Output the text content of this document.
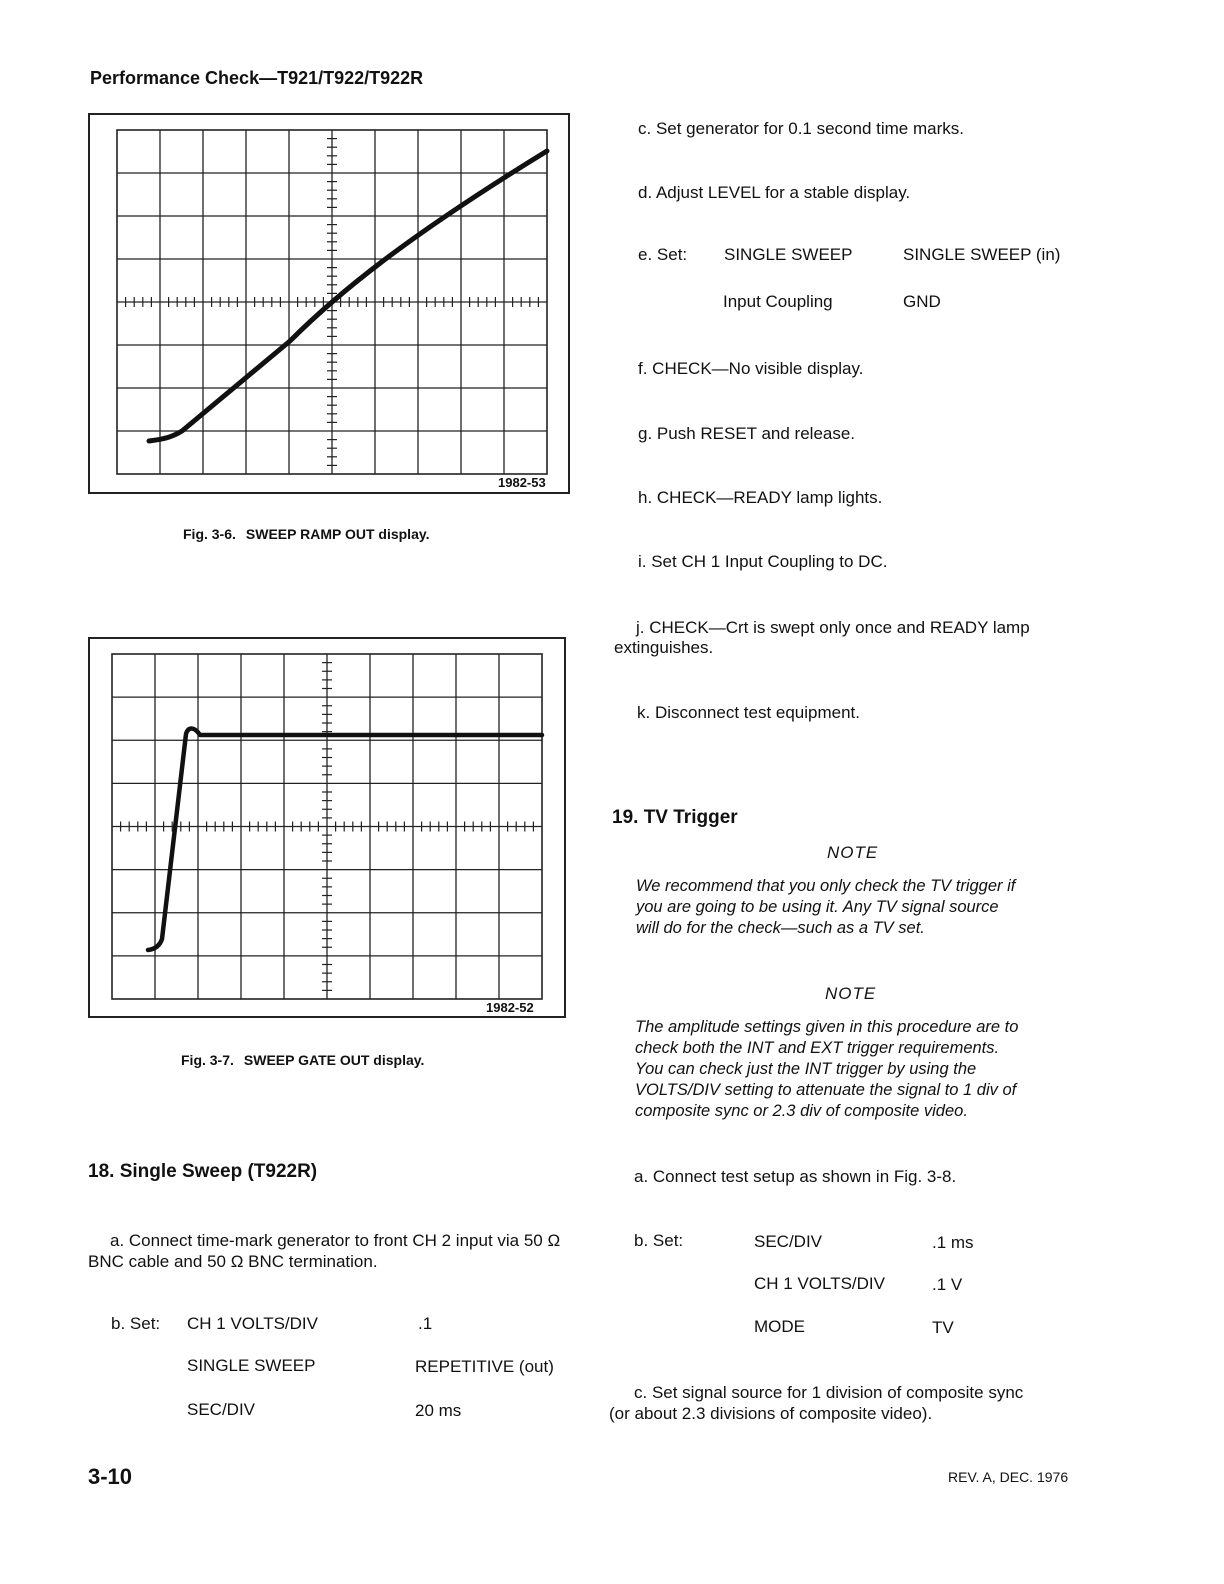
Performance Check—T921/T922/T922R
1982-53
Fig. 3-6. SWEEP RAMP OUT display.
1982-52
Fig. 3-7. SWEEP GATE OUT display.
18. Single Sweep (T922R)
a. Connect time-mark generator to front CH 2 input via 50 Ω BNC cable and 50 Ω BNC termination.
b. Set: CH 1 VOLTS/DIV	.1
SINGLE SWEEP	REPETITIVE (out)
SEC/DIV	20 ms
c. Set generator for 0.1 second time marks.
d. Adjust LEVEL for a stable display.
e. Set: SINGLE SWEEP	SINGLE SWEEP (in)
Input Coupling	GND
f. CHECK—No visible display.
g. Push RESET and release.
h. CHECK—READY lamp lights.
i. Set CH 1 Input Coupling to DC.
j. CHECK—Crt is swept only once and READY lamp
extinguishes.
k. Disconnect test equipment.
19. TV Trigger
NOTE
We recommend that you only check the TV trigger if
you are going to be using it. Any TV signal source
will do for the check—such as a TV set.
NOTE
The amplitude settings given in this procedure are to
check both the INT and EXT trigger requirements.
You can check just the INT trigger by using the
VOLTS/DIV setting to attenuate the signal to 1 div of
composite sync or 2.3 div of composite video.
a. Connect test setup as shown in Fig. 3-8.
b. Set:	SEC/DIV	.1 ms
CH 1 VOLTS/DIV	.1 V
MODE	TV
c. Set signal source for 1 division of composite sync
(or about 2.3 divisions of composite video).
3-10	REV. A, DEC. 1976
